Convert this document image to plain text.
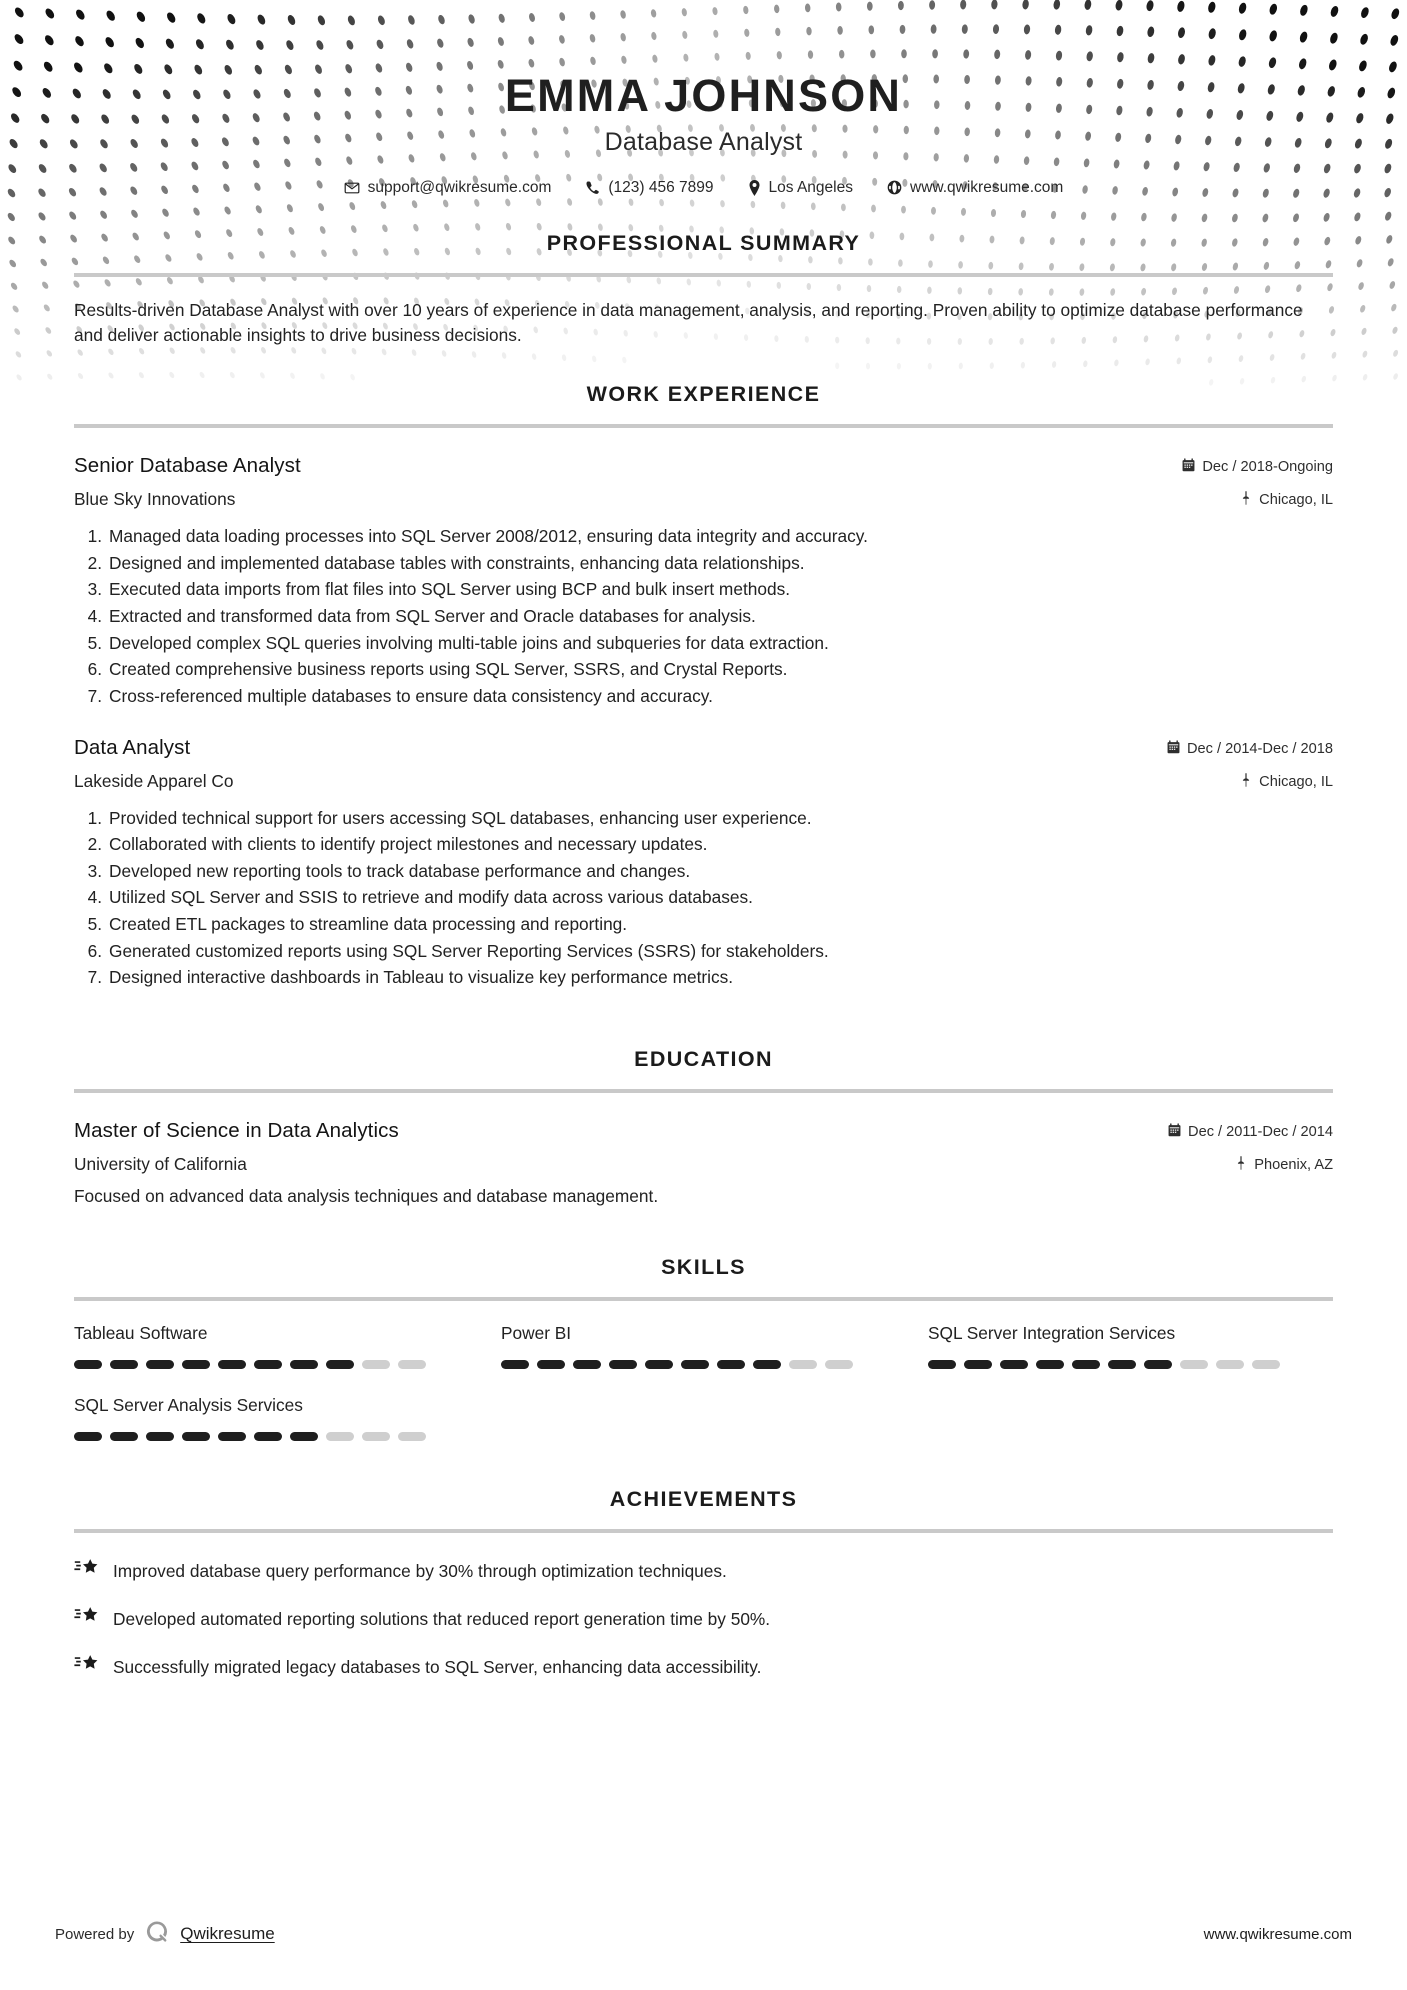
EMMA JOHNSON
Database Analyst
support@qwikresume.com	(123) 456 7899	Los Angeles	www.qwikresume.com
PROFESSIONAL SUMMARY

Results-driven Database Analyst with over 10 years of experience in data management, analysis, and reporting. Proven ability to optimize database performance and deliver actionable insights to drive business decisions.

WORK EXPERIENCE
Senior Database Analyst	Dec / 2018-Ongoing
Blue Sky Innovations	Chicago, IL
1. Managed data loading processes into SQL Server 2008/2012, ensuring data integrity and accuracy.
2. Designed and implemented database tables with constraints, enhancing data relationships.
3. Executed data imports from flat files into SQL Server using BCP and bulk insert methods.
4. Extracted and transformed data from SQL Server and Oracle databases for analysis.
5. Developed complex SQL queries involving multi-table joins and subqueries for data extraction.
6. Created comprehensive business reports using SQL Server, SSRS, and Crystal Reports.
7. Cross-referenced multiple databases to ensure data consistency and accuracy.
Data Analyst	Dec / 2014-Dec / 2018
Lakeside Apparel Co	Chicago, IL
1. Provided technical support for users accessing SQL databases, enhancing user experience.
2. Collaborated with clients to identify project milestones and necessary updates.
3. Developed new reporting tools to track database performance and changes.
4. Utilized SQL Server and SSIS to retrieve and modify data across various databases.
5. Created ETL packages to streamline data processing and reporting.
6. Generated customized reports using SQL Server Reporting Services (SSRS) for stakeholders.
7. Designed interactive dashboards in Tableau to visualize key performance metrics.
EDUCATION
Master of Science in Data Analytics	Dec / 2011-Dec / 2014
University of California	Phoenix, AZ
Focused on advanced data analysis techniques and database management.
SKILLS
Tableau Software	Power BI	SQL Server Integration Services
SQL Server Analysis Services
ACHIEVEMENTS
Improved database query performance by 30% through optimization techniques.
Developed automated reporting solutions that reduced report generation time by 50%.
Successfully migrated legacy databases to SQL Server, enhancing data accessibility.
Powered by	Qwikresume	www.qwikresume.com
